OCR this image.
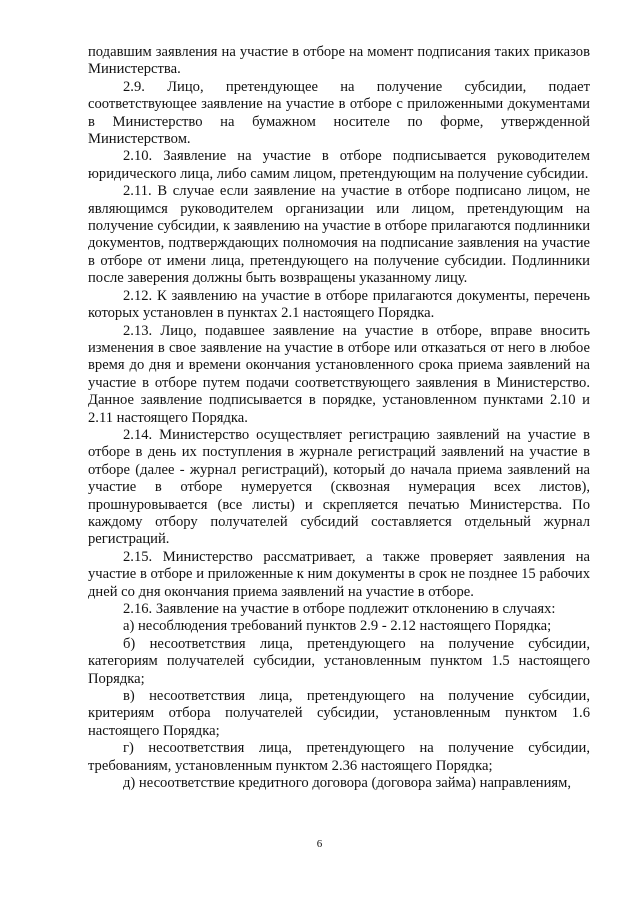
подавшим заявления на участие в отборе на момент подписания таких приказов Министерства.

2.9. Лицо, претендующее на получение субсидии, подает соответствующее заявление на участие в отборе с приложенными документами в Министерство на бумажном носителе по форме, утвержденной Министерством.

2.10. Заявление на участие в отборе подписывается руководителем юридического лица, либо самим лицом, претендующим на получение субсидии.

2.11. В случае если заявление на участие в отборе подписано лицом, не являющимся руководителем организации или лицом, претендующим на получение субсидии, к заявлению на участие в отборе прилагаются подлинники документов, подтверждающих полномочия на подписание заявления на участие в отборе от имени лица, претендующего на получение субсидии. Подлинники после заверения должны быть возвращены указанному лицу.

2.12. К заявлению на участие в отборе прилагаются документы, перечень которых установлен в пунктах 2.1 настоящего Порядка.

2.13. Лицо, подавшее заявление на участие в отборе, вправе вносить изменения в свое заявление на участие в отборе или отказаться от него в любое время до дня и времени окончания установленного срока приема заявлений на участие в отборе путем подачи соответствующего заявления в Министерство. Данное заявление подписывается в порядке, установленном пунктами 2.10 и 2.11 настоящего Порядка.

2.14. Министерство осуществляет регистрацию заявлений на участие в отборе в день их поступления в журнале регистраций заявлений на участие в отборе (далее - журнал регистраций), который до начала приема заявлений на участие в отборе нумеруется (сквозная нумерация всех листов), прошнуровывается (все листы) и скрепляется печатью Министерства. По каждому отбору получателей субсидий составляется отдельный журнал регистраций.

2.15. Министерство рассматривает, а также проверяет заявления на участие в отборе и приложенные к ним документы в срок не позднее 15 рабочих дней со дня окончания приема заявлений на участие в отборе.

2.16. Заявление на участие в отборе подлежит отклонению в случаях:

а) несоблюдения требований пунктов 2.9 - 2.12 настоящего Порядка;

б) несоответствия лица, претендующего на получение субсидии, категориям получателей субсидии, установленным пунктом 1.5 настоящего Порядка;

в) несоответствия лица, претендующего на получение субсидии, критериям отбора получателей субсидии, установленным пунктом 1.6 настоящего Порядка;

г) несоответствия лица, претендующего на получение субсидии, требованиям, установленным пунктом 2.36 настоящего Порядка;

д) несоответствие кредитного договора (договора займа) направлениям,

6
